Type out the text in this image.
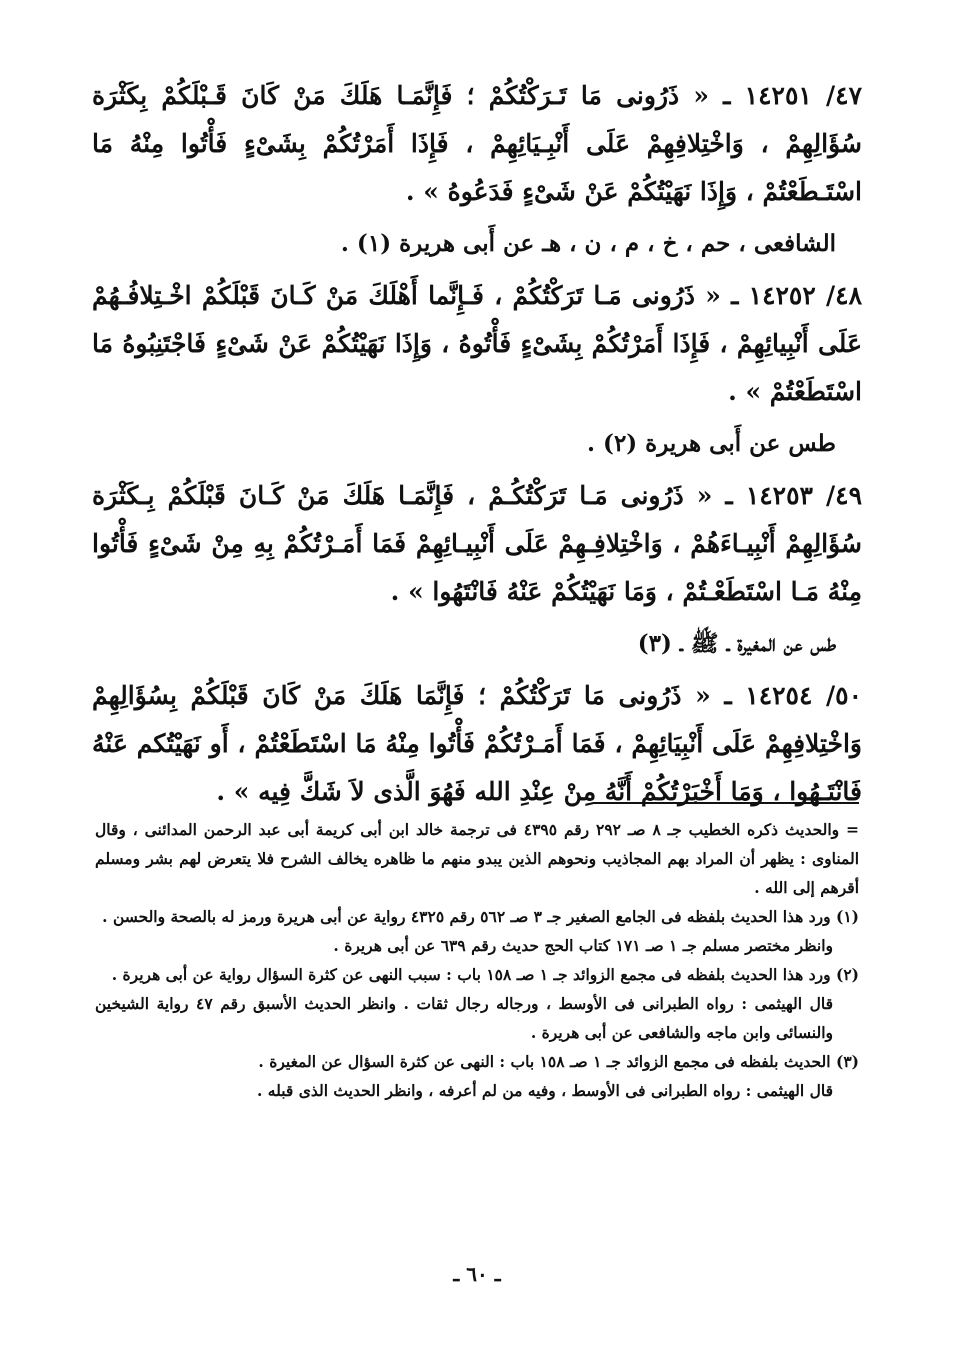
٤٧/ ١٤٢٥١ ـ « ذَرُونى مَا تَـرَكْتُكُمْ ؛ فَإِنَّمَـا هَلَكَ مَنْ كَانَ قَـبْلَكُمْ بِكَثْرَة سُؤَالِهِمْ ، وَاخْتِلافِهِمْ عَلَى أَنْبِـيَائِهِمْ ، فَإِذَا أَمَرْتُكُمْ بِشَىْءٍ فَأْتُوا مِنْهُ مَا اسْتَـطَعْتُمْ ، وَإِذَا نَهَيْتُكُمْ عَنْ شَىْءٍ فَدَعُوهُ » .

الشافعى ، حم ، خ ، م ، ن ، هـ عن أَبى هريرة (١) .

٤٨/ ١٤٢٥٢ ـ « ذَرُونى مَـا تَرَكْتُكُمْ ، فَـإِنَّما أَهْلَكَ مَنْ كَـانَ قَبْلَكُمْ اخْـتِلافُـهُمْ عَلَى أَنْبِيائِهِمْ ، فَإِذَا أَمَرْتُكُمْ بِشَىْءٍ فَأْتُوهُ ، وَإِذَا نَهَيْتُكُمْ عَنْ شَىْءٍ فَاجْتَنِبُوهُ مَا اسْتَطَعْتُمْ » .

طس عن أَبى هريرة (٢) .

٤٩/ ١٤٢٥٣ ـ « ذَرُونى مَـا تَرَكْتُكُـمْ ، فَإِنَّمَـا هَلَكَ مَنْ كَـانَ قَبْلَكُمْ بِـكَثْرَة سُؤَالِهِمْ أَنْبِيـاءَهُمْ ، وَاخْتِلافِـهِمْ عَلَى أَنْبِيـائِهِمْ فَمَا أَمَـرْتُكُمْ بِهِ مِنْ شَىْءٍ فَأْتُوا مِنْهُ مَـا اسْتَطَعْـتُمْ ، وَمَا نَهَيْتُكُمْ عَنْهُ فَانْتَهُوا » .

طس عن المغيرة ـ ﷺ ـ (٣)

٥٠/ ١٤٢٥٤ ـ « ذَرُونى مَا تَرَكْتُكُمْ ؛ فَإِنَّمَا هَلَكَ مَنْ كَانَ قَبْلَكُمْ بِسُؤَالِهِمْ وَاخْتِلافِهِمْ عَلَى أَنْبِيَائِهِمْ ، فَمَا أَمَـرْتُكُمْ فَأْتُوا مِنْهُ مَا اسْتَطَعْتُمْ ، أَو نَهَيْتُكم عَنْهُ فَانْتَـهُوا ، وَمَا أَخْبَرْتُكُمْ أَنَّهُ مِنْ عِنْدِ الله فَهُوَ الَّذى لاَ شَكَّ فِيه » .

= والحديث ذكره الخطيب جـ ٨ صـ ٢٩٢ رقم ٤٣٩٥ فى ترجمة خالد ابن أبى كريمة أبى عبد الرحمن المدائنى ، وقال المناوى : يظهر أن المراد بهم المجاذيب ونحوهم الذين يبدو منهم ما ظاهره يخالف الشرح فلا يتعرض لهم بشر ومسلم أقرهم إلى الله .

(١) ورد هذا الحديث بلفظه فى الجامع الصغير جـ ٣ صـ ٥٦٢ رقم ٤٣٢٥ رواية عن أبى هريرة ورمز له بالصحة والحسن .

وانظر مختصر مسلم جـ ١ صـ ١٧١ كتاب الحج حديث رقم ٦٣٩ عن أبى هريرة .

(٢) ورد هذا الحديث بلفظه فى مجمع الزوائد جـ ١ صـ ١٥٨ باب : سبب النهى عن كثرة السؤال رواية عن أبى هريرة .

قال الهيثمى : رواه الطبرانى فى الأوسط ، ورجاله رجال ثقات . وانظر الحديث الأسبق رقم ٤٧ رواية الشيخين والنسائى وابن ماجه والشافعى عن أبى هريرة .

(٣) الحديث بلفظه فى مجمع الزوائد جـ ١ صـ ١٥٨ باب : النهى عن كثرة السؤال عن المغيرة .

قال الهيثمى : رواه الطبرانى فى الأوسط ، وفيه من لم أعرفه ، وانظر الحديث الذى قبله .

ـ ٦٠ ـ
